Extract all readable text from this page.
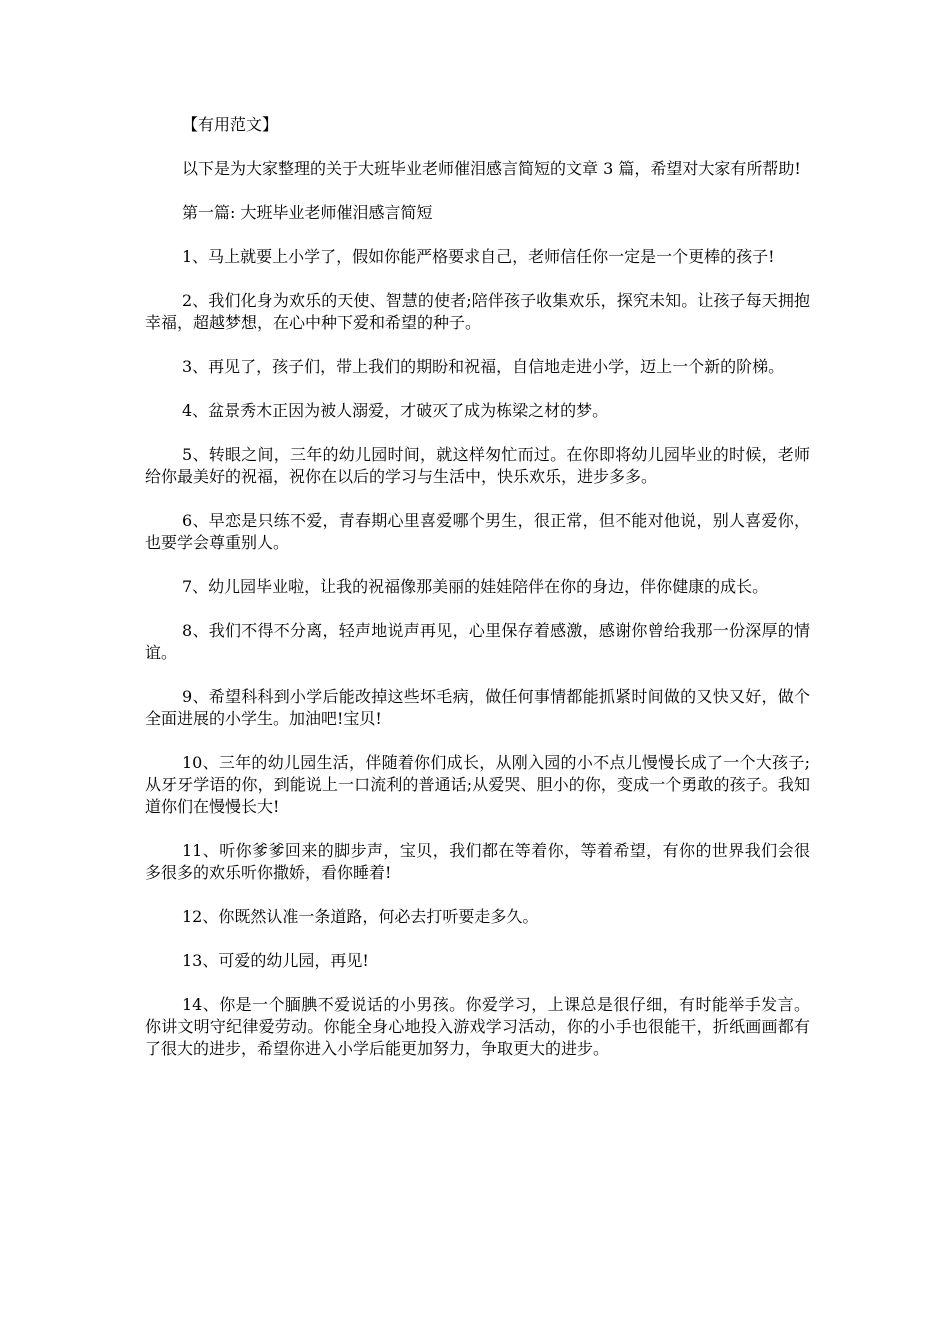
【有用范文】

以下是为大家整理的关于大班毕业老师催泪感言简短的文章 3 篇，希望对大家有所帮助!

第一篇: 大班毕业老师催泪感言简短

1、马上就要上小学了，假如你能严格要求自己，老师信任你一定是一个更棒的孩子!

2、我们化身为欢乐的天使、智慧的使者;陪伴孩子收集欢乐，探究未知。让孩子每天拥抱幸福，超越梦想，在心中种下爱和希望的种子。

3、再见了，孩子们，带上我们的期盼和祝福，自信地走进小学，迈上一个新的阶梯。

4、盆景秀木正因为被人溺爱，才破灭了成为栋梁之材的梦。

5、转眼之间，三年的幼儿园时间，就这样匆忙而过。在你即将幼儿园毕业的时候，老师给你最美好的祝福，祝你在以后的学习与生活中，快乐欢乐，进步多多。

6、早恋是只练不爱，青春期心里喜爱哪个男生，很正常，但不能对他说，别人喜爱你，也要学会尊重别人。

7、幼儿园毕业啦，让我的祝福像那美丽的娃娃陪伴在你的身边，伴你健康的成长。

8、我们不得不分离，轻声地说声再见，心里保存着感激，感谢你曾给我那一份深厚的情谊。

9、希望科科到小学后能改掉这些坏毛病，做任何事情都能抓紧时间做的又快又好，做个全面进展的小学生。加油吧!宝贝!

10、三年的幼儿园生活，伴随着你们成长，从刚入园的小不点儿慢慢长成了一个大孩子;从牙牙学语的你，到能说上一口流利的普通话;从爱哭、胆小的你，变成一个勇敢的孩子。我知道你们在慢慢长大!

11、听你爹爹回来的脚步声，宝贝，我们都在等着你，等着希望，有你的世界我们会很多很多的欢乐听你撒娇，看你睡着!

12、你既然认准一条道路，何必去打听要走多久。

13、可爱的幼儿园，再见!

14、你是一个腼腆不爱说话的小男孩。你爱学习，上课总是很仔细，有时能举手发言。你讲文明守纪律爱劳动。你能全身心地投入游戏学习活动，你的小手也很能干，折纸画画都有了很大的进步，希望你进入小学后能更加努力，争取更大的进步。
